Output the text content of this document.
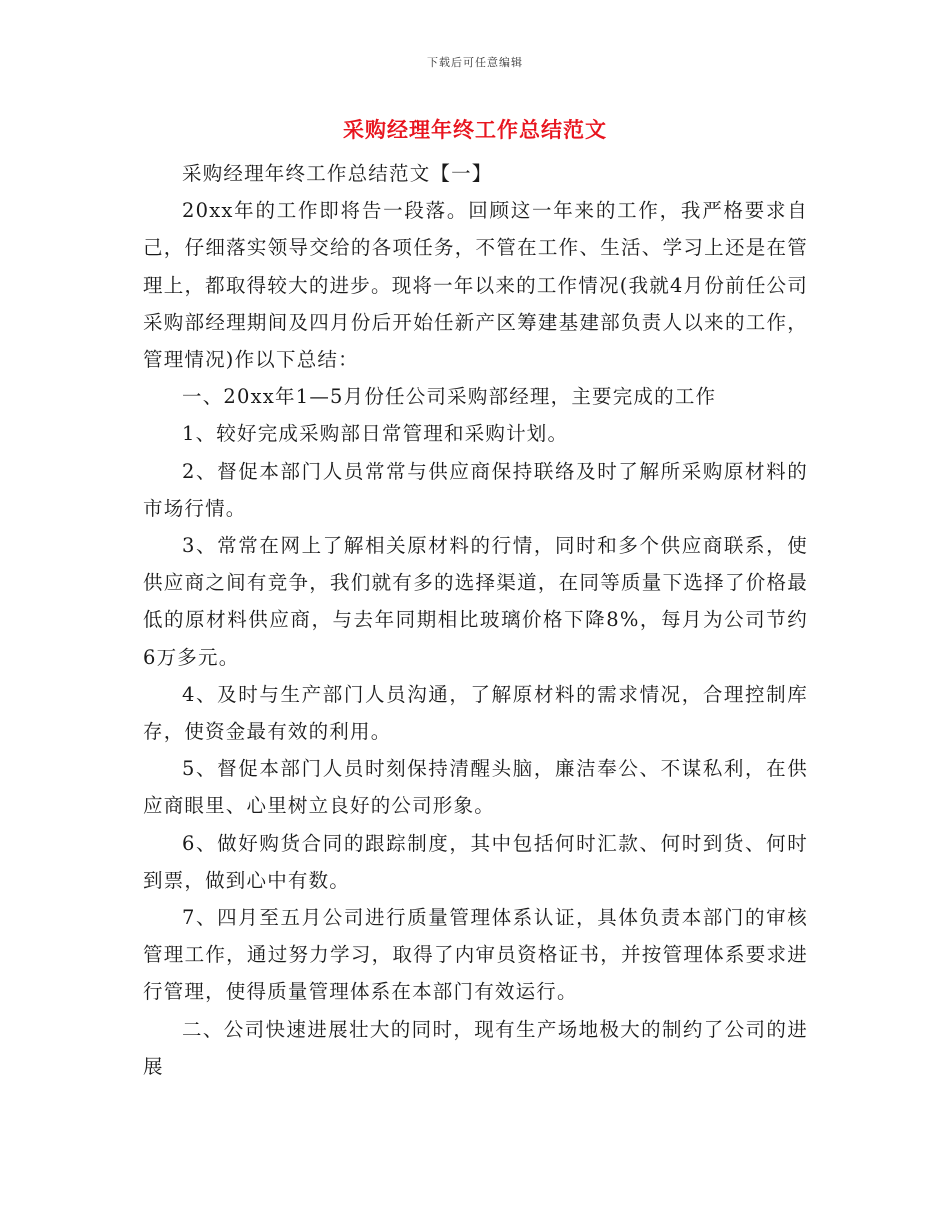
下载后可任意编辑
采购经理年终工作总结范文

采购经理年终工作总结范文【一】

20xx年的工作即将告一段落。回顾这一年来的工作，我严格要求自己，仔细落实领导交给的各项任务，不管在工作、生活、学习上还是在管理上，都取得较大的进步。现将一年以来的工作情况(我就4月份前任公司采购部经理期间及四月份后开始任新产区筹建基建部负责人以来的工作，管理情况)作以下总结：

一、20xx年1—5月份任公司采购部经理，主要完成的工作

1、较好完成采购部日常管理和采购计划。

2、督促本部门人员常常与供应商保持联络及时了解所采购原材料的市场行情。

3、常常在网上了解相关原材料的行情，同时和多个供应商联系，使供应商之间有竞争，我们就有多的选择渠道，在同等质量下选择了价格最低的原材料供应商，与去年同期相比玻璃价格下降8%，每月为公司节约6万多元。

4、及时与生产部门人员沟通，了解原材料的需求情况，合理控制库存，使资金最有效的利用。

5、督促本部门人员时刻保持清醒头脑，廉洁奉公、不谋私利，在供应商眼里、心里树立良好的公司形象。

6、做好购货合同的跟踪制度，其中包括何时汇款、何时到货、何时到票，做到心中有数。

7、四月至五月公司进行质量管理体系认证，具体负责本部门的审核管理工作，通过努力学习，取得了内审员资格证书，并按管理体系要求进行管理，使得质量管理体系在本部门有效运行。

二、公司快速进展壮大的同时，现有生产场地极大的制约了公司的进展
